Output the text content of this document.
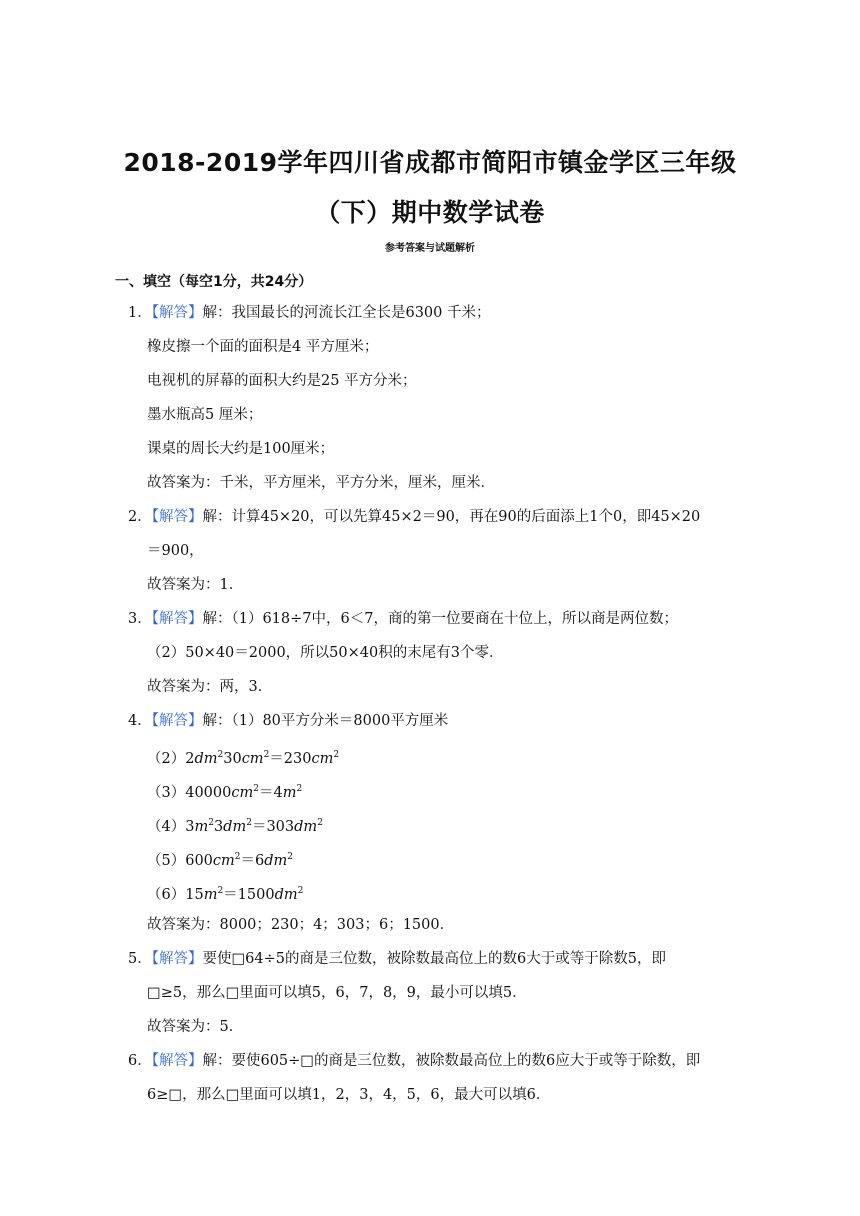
2018-2019学年四川省成都市简阳市镇金学区三年级
（下）期中数学试卷
参考答案与试题解析
一、填空（每空1分，共24分）
1．【解答】解：我国最长的河流长江全长是6300 千米；
橡皮擦一个面的面积是4 平方厘米；
电视机的屏幕的面积大约是25 平方分米；
墨水瓶高5 厘米；
课桌的周长大约是100厘米；
故答案为：千米，平方厘米，平方分米，厘米，厘米．
2．【解答】解：计算45×20，可以先算45×2＝90，再在90的后面添上1个0，即45×20
＝900，
故答案为：1．
3．【解答】解：（1）618÷7中，6＜7，商的第一位要商在十位上，所以商是两位数；
（2）50×40＝2000，所以50×40积的末尾有3个零．
故答案为：两，3．
4．【解答】解：（1）80平方分米＝8000平方厘米
$(2)2dm^230cm^2=230cm^2$
$(3)40000cm^2=4m^2$
$(4)3m^23dm^2=303dm^2$
$(5)600cm^2=6dm^2$
$(6)15m^2=1500dm^2$
故答案为：8000；230；4；303；6；1500．
5．【解答】要使□64÷5的商是三位数，被除数最高位上的数6大于或等于除数5，即
□≥5，那么□里面可以填5，6，7，8，9，最小可以填5．
故答案为：5．
6．【解答】解：要使605÷□的商是三位数，被除数最高位上的数6应大于或等于除数，即
6≥□，那么□里面可以填1，2，3，4，5，6，最大可以填6．
